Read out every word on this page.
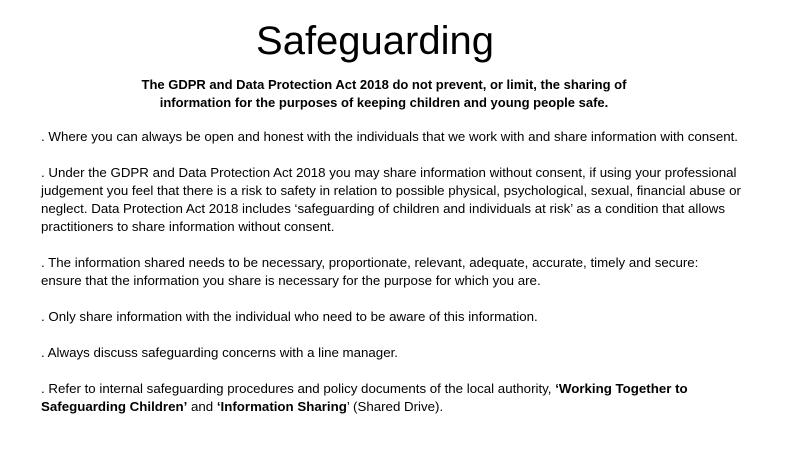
Safeguarding
The GDPR and Data Protection Act 2018 do not prevent, or limit, the sharing of
information for the purposes of keeping children and young people safe.

. Where you can always be open and honest with the individuals that we work with and share information with consent.

. Under the GDPR and Data Protection Act 2018 you may share information without consent, if using your professional judgement you feel that there is a risk to safety in relation to possible physical, psychological, sexual, financial abuse or neglect. Data Protection Act 2018 includes ‘safeguarding of children and individuals at risk’ as a condition that allows practitioners to share information without consent.

. The information shared needs to be necessary, proportionate, relevant, adequate, accurate, timely and secure: ensure that the information you share is necessary for the purpose for which you are.

. Only share information with the individual who need to be aware of this information.

. Always discuss safeguarding concerns with a line manager.

. Refer to internal safeguarding procedures and policy documents of the local authority, ‘Working Together to Safeguarding Children’ and ‘Information Sharing’ (Shared Drive).
